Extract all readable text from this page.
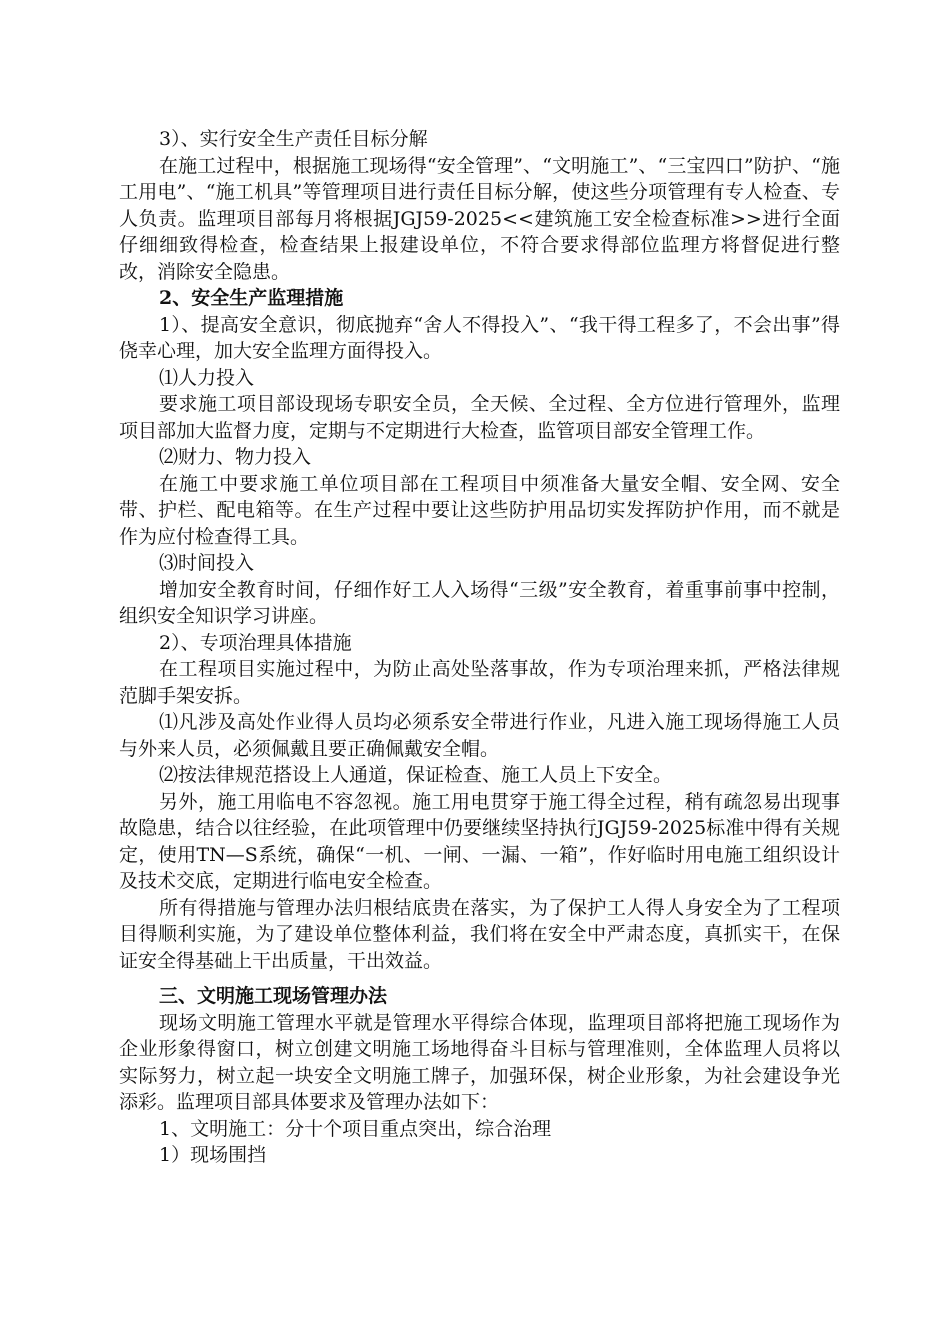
3）、实行安全生产责任目标分解

在施工过程中，根据施工现场得“安全管理”、“文明施工”、“三宝四口”防护、“施工用电”、“施工机具”等管理项目进行责任目标分解，使这些分项管理有专人检查、专人负责。监理项目部每月将根据JGJ59-2025<<建筑施工安全检查标准>>进行全面仔细细致得检查，检查结果上报建设单位，不符合要求得部位监理方将督促进行整改，消除安全隐患。

2、安全生产监理措施

1）、提高安全意识，彻底抛弃“舍人不得投入”、“我干得工程多了，不会出事”得侥幸心理，加大安全监理方面得投入。

⑴人力投入

要求施工项目部设现场专职安全员，全天候、全过程、全方位进行管理外，监理项目部加大监督力度，定期与不定期进行大检查，监管项目部安全管理工作。

⑵财力、物力投入

在施工中要求施工单位项目部在工程项目中须准备大量安全帽、安全网、安全带、护栏、配电箱等。在生产过程中要让这些防护用品切实发挥防护作用，而不就是作为应付检查得工具。

⑶时间投入

增加安全教育时间，仔细作好工人入场得“三级”安全教育，着重事前事中控制，组织安全知识学习讲座。

2）、专项治理具体措施

在工程项目实施过程中，为防止高处坠落事故，作为专项治理来抓，严格法律规范脚手架安拆。

⑴凡涉及高处作业得人员均必须系安全带进行作业，凡进入施工现场得施工人员与外来人员，必须佩戴且要正确佩戴安全帽。

⑵按法律规范搭设上人通道，保证检查、施工人员上下安全。

另外，施工用临电不容忽视。施工用电贯穿于施工得全过程，稍有疏忽易出现事故隐患，结合以往经验，在此项管理中仍要继续坚持执行JGJ59-2025标准中得有关规定，使用TN—S系统，确保“一机、一闸、一漏、一箱”，作好临时用电施工组织设计及技术交底，定期进行临电安全检查。

所有得措施与管理办法归根结底贵在落实，为了保护工人得人身安全为了工程项目得顺利实施，为了建设单位整体利益，我们将在安全中严肃态度，真抓实干，在保证安全得基础上干出质量，干出效益。

三、文明施工现场管理办法

现场文明施工管理水平就是管理水平得综合体现，监理项目部将把施工现场作为企业形象得窗口，树立创建文明施工场地得奋斗目标与管理准则，全体监理人员将以实际努力，树立起一块安全文明施工牌子，加强环保，树企业形象，为社会建设争光添彩。监理项目部具体要求及管理办法如下：

1、文明施工：分十个项目重点突出，综合治理

1）现场围挡
